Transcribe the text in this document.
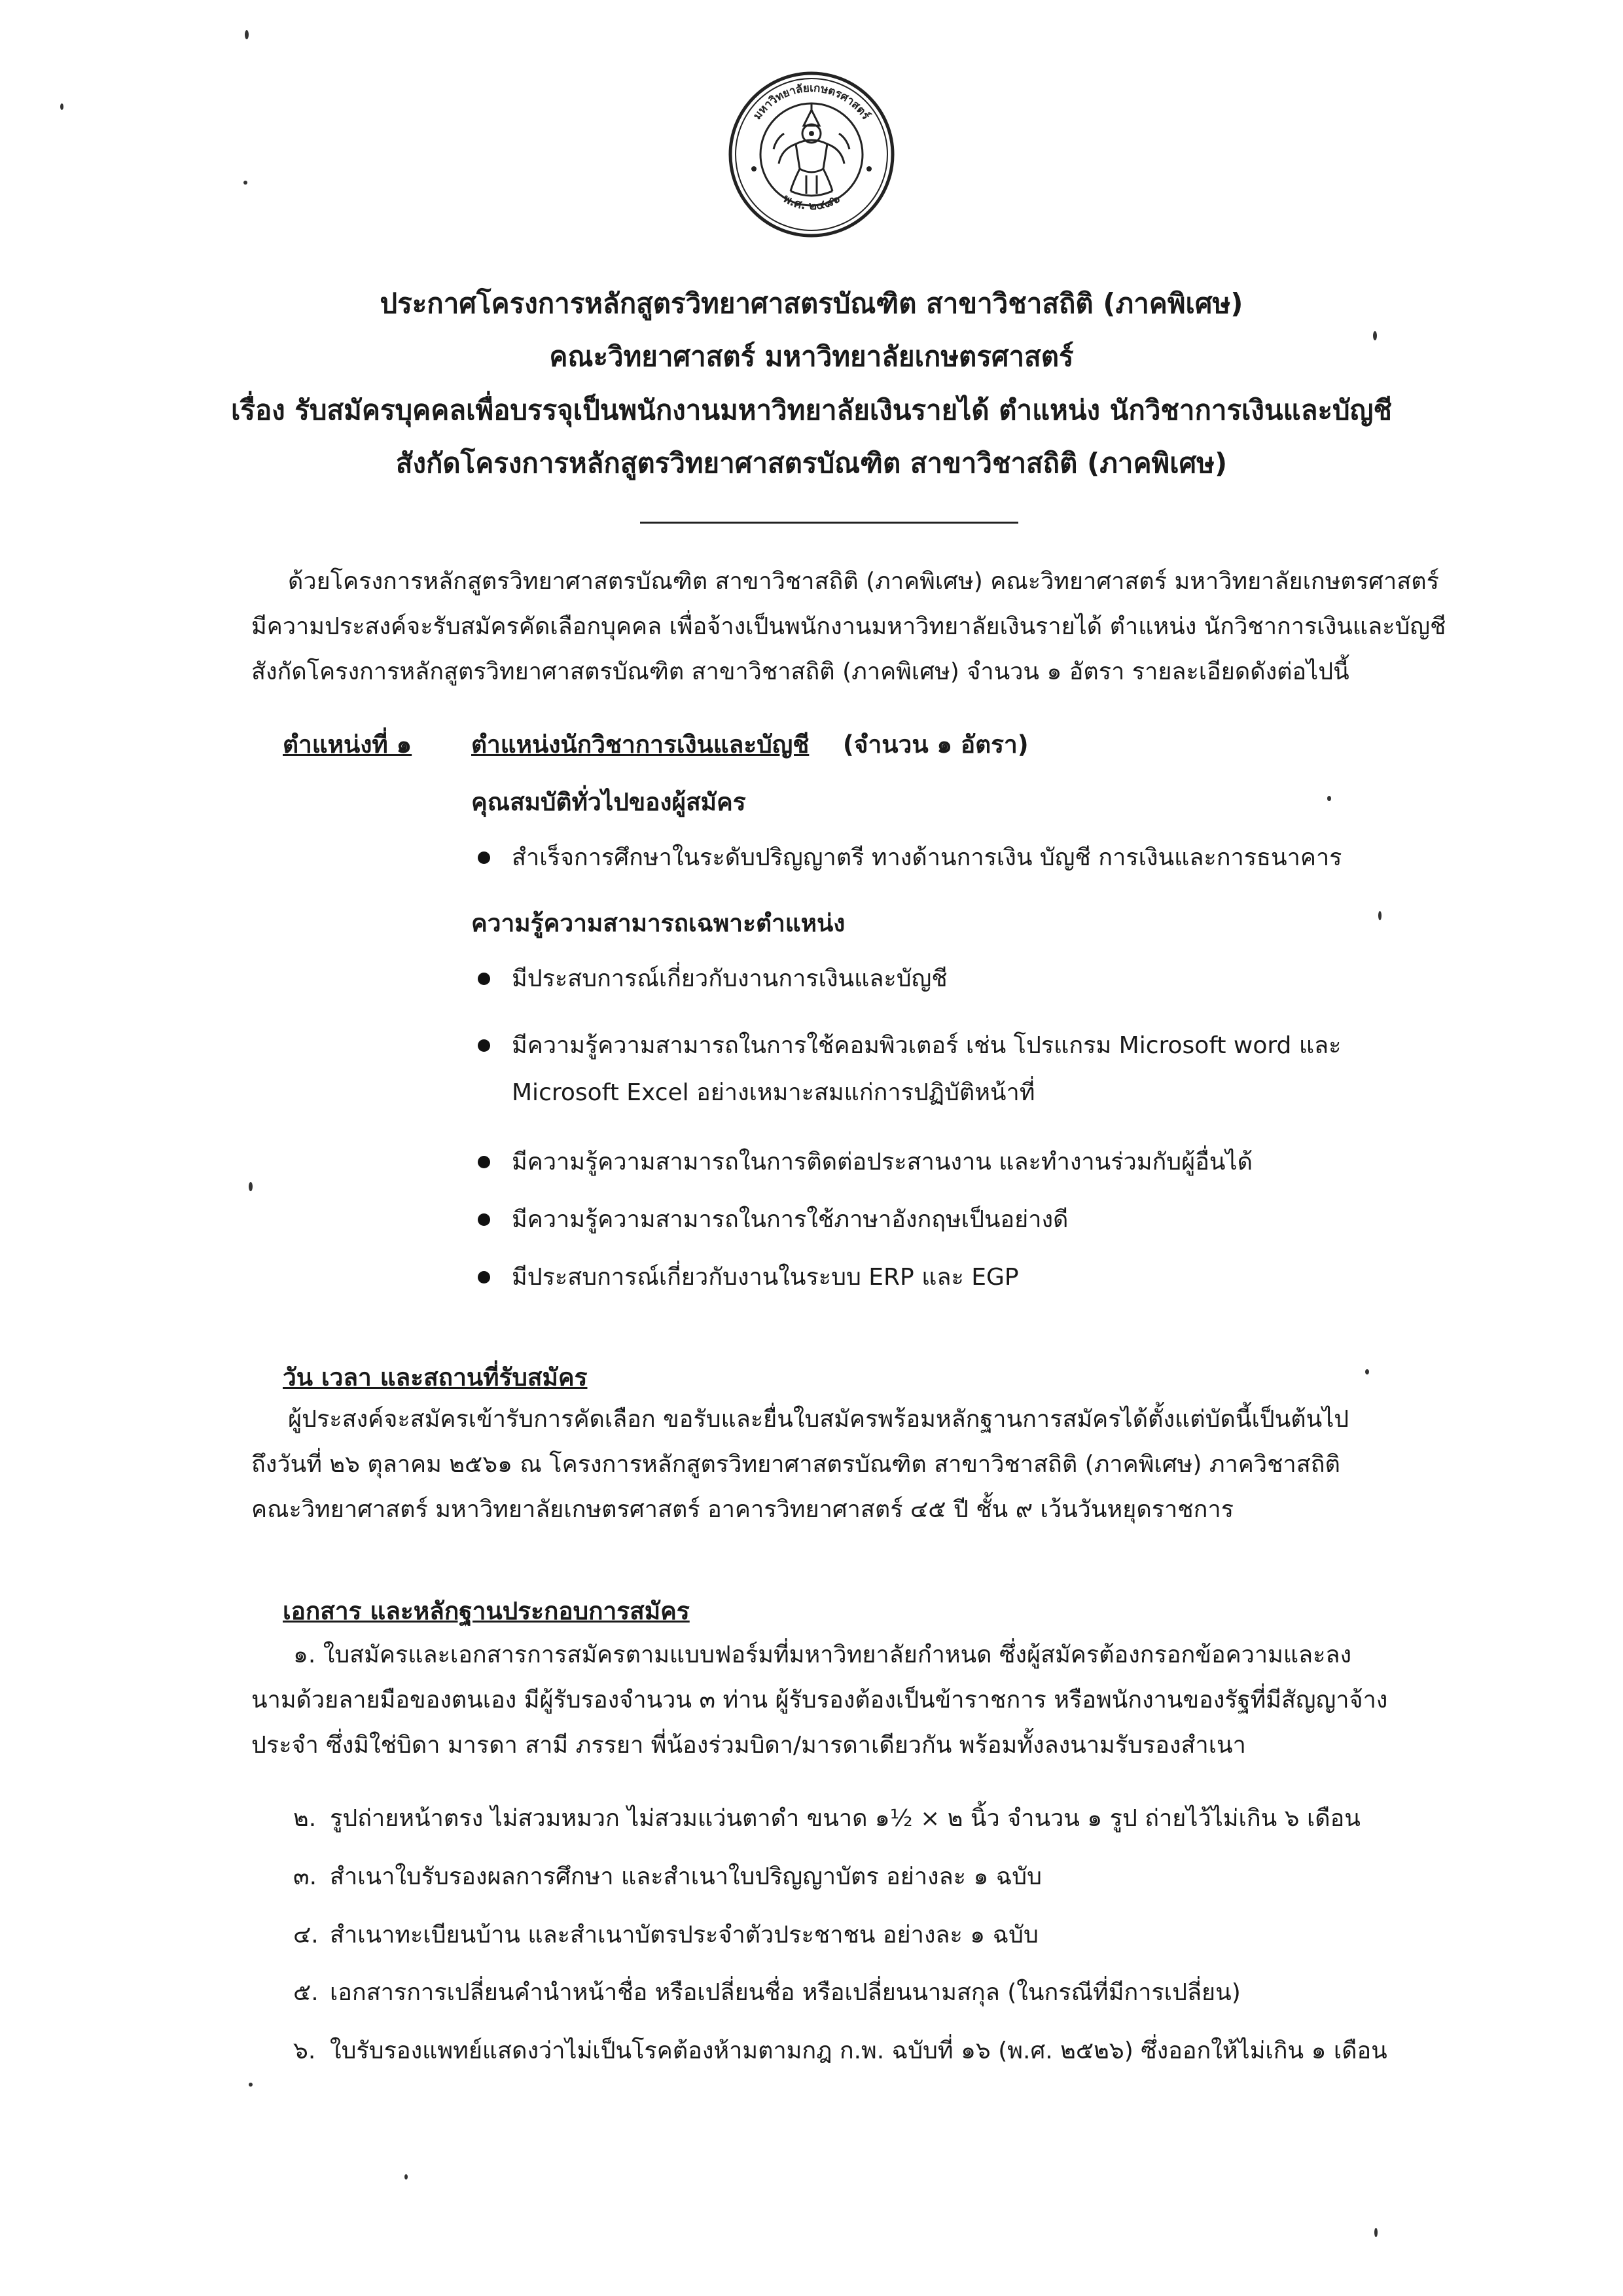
มหาวิทยาลัยเกษตรศาสตร์
พ.ศ. ๒๔๘๖
ประกาศโครงการหลักสูตรวิทยาศาสตรบัณฑิต สาขาวิชาสถิติ (ภาคพิเศษ)
คณะวิทยาศาสตร์ มหาวิทยาลัยเกษตรศาสตร์
เรื่อง รับสมัครบุคคลเพื่อบรรจุเป็นพนักงานมหาวิทยาลัยเงินรายได้ ตำแหน่ง นักวิชาการเงินและบัญชี
สังกัดโครงการหลักสูตรวิทยาศาสตรบัณฑิต สาขาวิชาสถิติ (ภาคพิเศษ)

ด้วยโครงการหลักสูตรวิทยาศาสตรบัณฑิต สาขาวิชาสถิติ (ภาคพิเศษ) คณะวิทยาศาสตร์ มหาวิทยาลัยเกษตรศาสตร์

มีความประสงค์จะรับสมัครคัดเลือกบุคคล เพื่อจ้างเป็นพนักงานมหาวิทยาลัยเงินรายได้ ตำแหน่ง นักวิชาการเงินและบัญชี

สังกัดโครงการหลักสูตรวิทยาศาสตรบัณฑิต สาขาวิชาสถิติ (ภาคพิเศษ) จำนวน ๑ อัตรา รายละเอียดดังต่อไปนี้

ตำแหน่งที่ ๑ ตำแหน่งนักวิชาการเงินและบัญชี (จำนวน ๑ อัตรา)
คุณสมบัติทั่วไปของผู้สมัคร
สำเร็จการศึกษาในระดับปริญญาตรี ทางด้านการเงิน บัญชี การเงินและการธนาคาร
ความรู้ความสามารถเฉพาะตำแหน่ง
มีประสบการณ์เกี่ยวกับงานการเงินและบัญชี
มีความรู้ความสามารถในการใช้คอมพิวเตอร์ เช่น โปรแกรม Microsoft word และ
Microsoft Excel อย่างเหมาะสมแก่การปฏิบัติหน้าที่
มีความรู้ความสามารถในการติดต่อประสานงาน และทำงานร่วมกับผู้อื่นได้
มีความรู้ความสามารถในการใช้ภาษาอังกฤษเป็นอย่างดี
มีประสบการณ์เกี่ยวกับงานในระบบ ERP และ EGP
วัน เวลา และสถานที่รับสมัคร

ผู้ประสงค์จะสมัครเข้ารับการคัดเลือก ขอรับและยื่นใบสมัครพร้อมหลักฐานการสมัครได้ตั้งแต่บัดนี้เป็นต้นไป

ถึงวันที่ ๒๖ ตุลาคม ๒๕๖๑ ณ โครงการหลักสูตรวิทยาศาสตรบัณฑิต สาขาวิชาสถิติ (ภาคพิเศษ) ภาควิชาสถิติ

คณะวิทยาศาสตร์ มหาวิทยาลัยเกษตรศาสตร์ อาคารวิทยาศาสตร์ ๔๕ ปี ชั้น ๙ เว้นวันหยุดราชการ

เอกสาร และหลักฐานประกอบการสมัคร

๑. ใบสมัครและเอกสารการสมัครตามแบบฟอร์มที่มหาวิทยาลัยกำหนด ซึ่งผู้สมัครต้องกรอกข้อความและลง

นามด้วยลายมือของตนเอง มีผู้รับรองจำนวน ๓ ท่าน ผู้รับรองต้องเป็นข้าราชการ หรือพนักงานของรัฐที่มีสัญญาจ้าง

ประจำ ซึ่งมิใช่บิดา มารดา สามี ภรรยา พี่น้องร่วมบิดา/มารดาเดียวกัน พร้อมทั้งลงนามรับรองสำเนา

๒. รูปถ่ายหน้าตรง ไม่สวมหมวก ไม่สวมแว่นตาดำ ขนาด ๑½ × ๒ นิ้ว จำนวน ๑ รูป ถ่ายไว้ไม่เกิน ๖ เดือน
๓. สำเนาใบรับรองผลการศึกษา และสำเนาใบปริญญาบัตร อย่างละ ๑ ฉบับ
๔. สำเนาทะเบียนบ้าน และสำเนาบัตรประจำตัวประชาชน อย่างละ ๑ ฉบับ
๕. เอกสารการเปลี่ยนคำนำหน้าชื่อ หรือเปลี่ยนชื่อ หรือเปลี่ยนนามสกุล (ในกรณีที่มีการเปลี่ยน)
๖. ใบรับรองแพทย์แสดงว่าไม่เป็นโรคต้องห้ามตามกฎ ก.พ. ฉบับที่ ๑๖ (พ.ศ. ๒๕๒๖) ซึ่งออกให้ไม่เกิน ๑ เดือน
